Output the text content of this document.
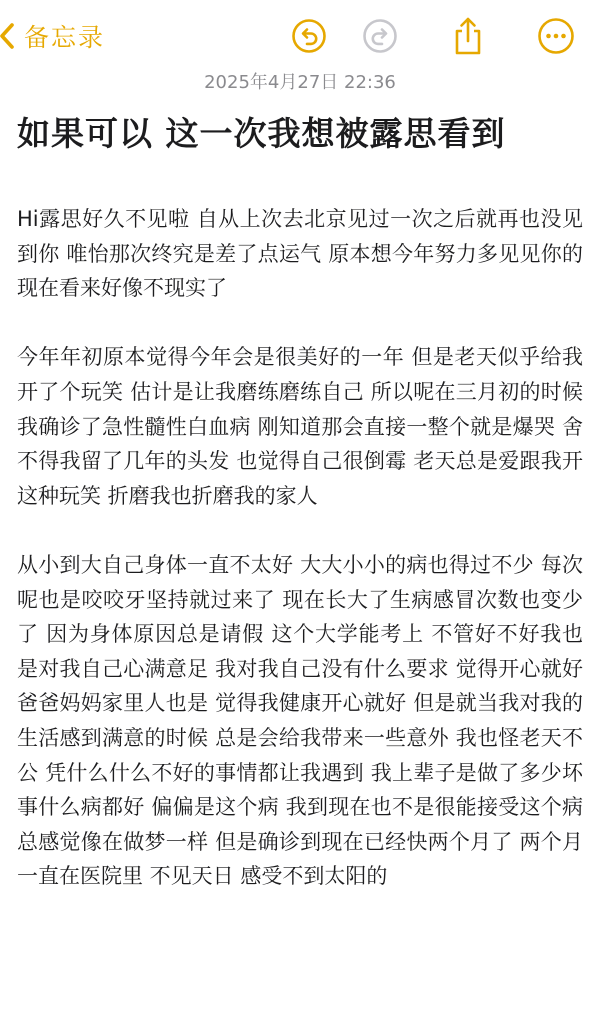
备忘录
2025年4月27日 22:36
如果可以 这一次我想被露思看到

Hi露思好久不见啦 自从上次去北京见过一次之后就再也没见到你 唯怡那次终究是差了点运气 原本想今年努力多见见你的 现在看来好像不现实了

今年年初原本觉得今年会是很美好的一年 但是老天似乎给我开了个玩笑 估计是让我磨练磨练自己 所以呢在三月初的时候我确诊了急性髓性白血病 刚知道那会直接一整个就是爆哭 舍不得我留了几年的头发 也觉得自己很倒霉 老天总是爱跟我开这种玩笑 折磨我也折磨我的家人

从小到大自己身体一直不太好 大大小小的病也得过不少 每次呢也是咬咬牙坚持就过来了 现在长大了生病感冒次数也变少了 因为身体原因总是请假 这个大学能考上 不管好不好我也是对我自己心满意足 我对我自己没有什么要求 觉得开心就好 爸爸妈妈家里人也是 觉得我健康开心就好 但是就当我对我的生活感到满意的时候 总是会给我带来一些意外 我也怪老天不公 凭什么什么不好的事情都让我遇到 我上辈子是做了多少坏事什么病都好 偏偏是这个病 我到现在也不是很能接受这个病 总感觉像在做梦一样 但是确诊到现在已经快两个月了 两个月一直在医院里 不见天日 感受不到太阳的
